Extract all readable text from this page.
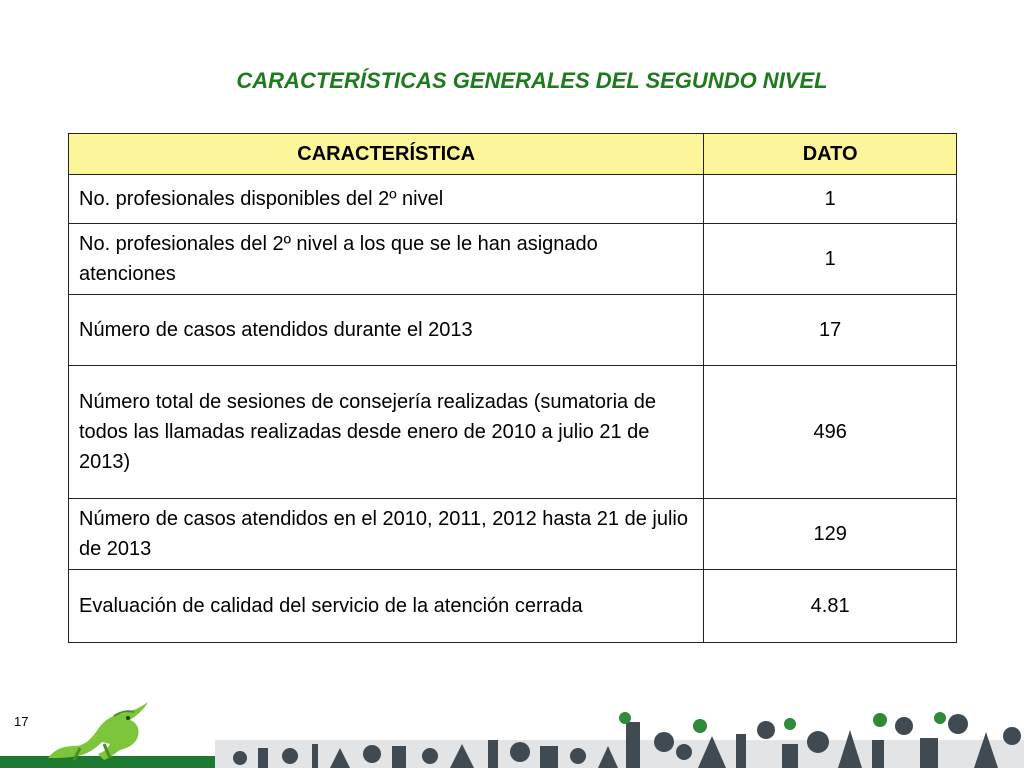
CARACTERÍSTICAS GENERALES DEL SEGUNDO NIVEL
CARACTERÍSTICA	DATO
No. profesionales disponibles del 2º nivel	1
No. profesionales del 2º nivel a los que se le han asignado atenciones	1
Número de casos atendidos durante el 2013	17
Número total de sesiones de consejería realizadas (sumatoria de todos las llamadas realizadas desde enero de 2010 a julio 21 de 2013)	496
Número de casos atendidos en el 2010, 2011, 2012 hasta 21 de julio de 2013	129
Evaluación de calidad del servicio de la atención cerrada	4.81
17
